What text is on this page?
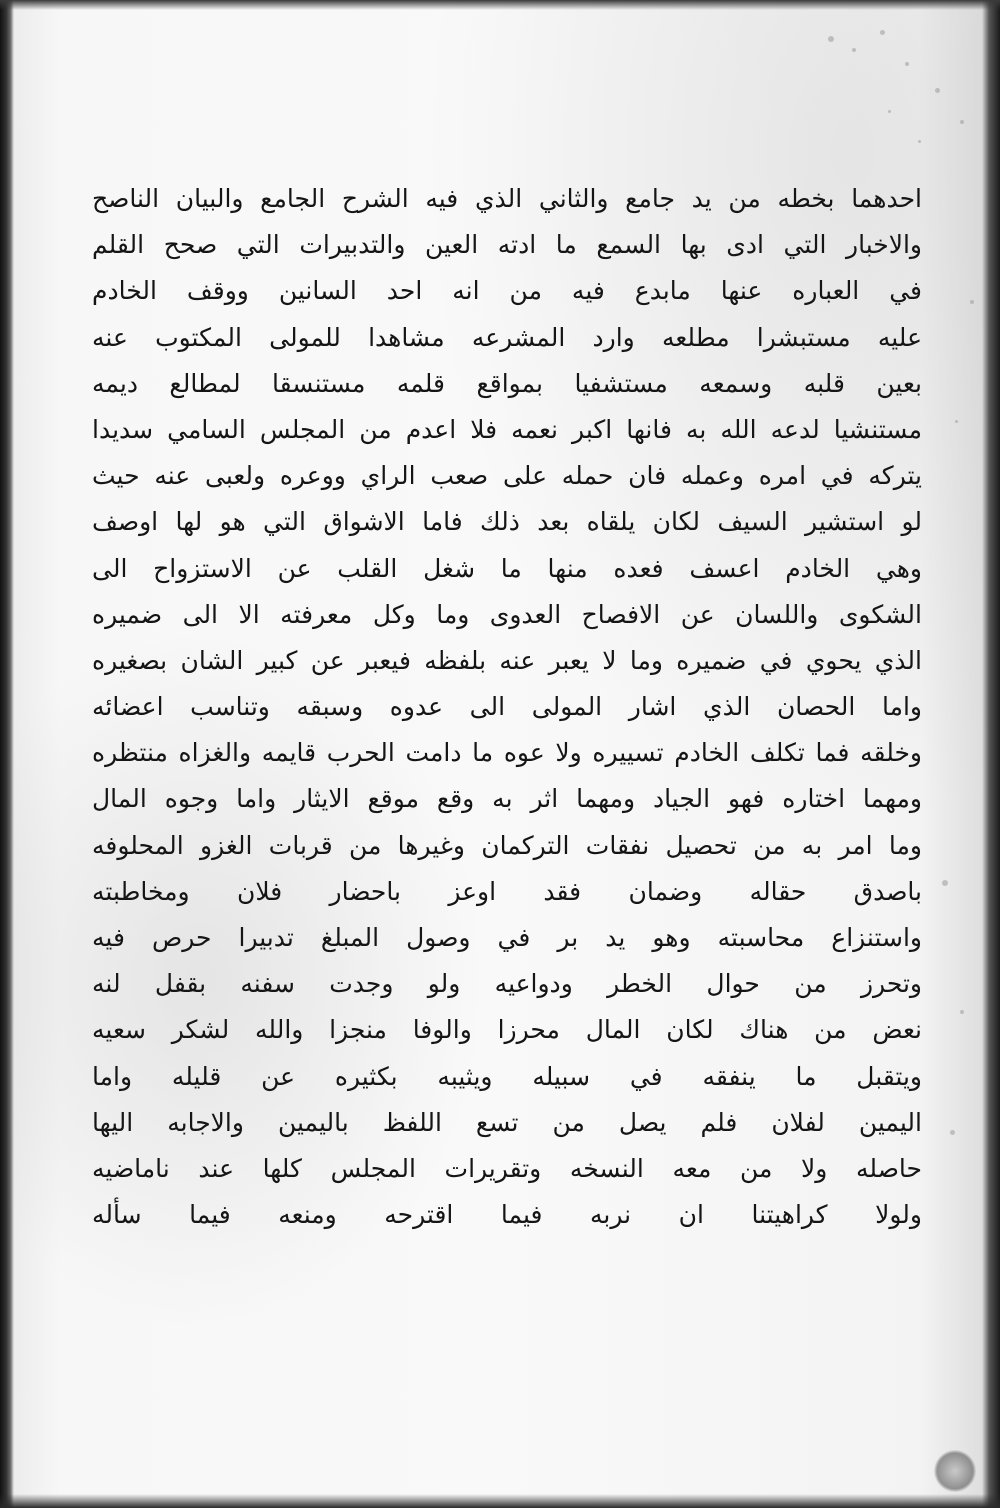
احدهما بخطه من يد جامع والثاني الذي فيه الشرح الجامع والبيان الناصح
والاخبار التي ادى بها السمع ما ادته العين والتدبيرات التي صحح القلم
في العباره عنها مابدع فيه من انه احد السانين ووقف الخادم
عليه مستبشرا مطلعه وارد المشرعه مشاهدا للمولى المكتوب عنه
بعين قلبه وسمعه مستشفيا بمواقع قلمه مستنسقا لمطالع ديمه
مستنشيا لدعه الله به فانها اكبر نعمه فلا اعدم من المجلس السامي سديدا
يتركه في امره وعمله فان حمله على صعب الراي ووعره ولعبى عنه حيث
لو استشير السيف لكان يلقاه بعد ذلك فاما الاشواق التي هو لها اوصف
وهي الخادم اعسف فعده منها ما شغل القلب عن الاستزواح الى
الشكوى واللسان عن الافصاح العدوى وما وكل معرفته الا الى ضميره
الذي يحوي في ضميره وما لا يعبر عنه بلفظه فيعبر عن كبير الشان بصغيره
واما الحصان الذي اشار المولى الى عدوه وسبقه وتناسب اعضائه
وخلقه فما تكلف الخادم تسييره ولا عوه ما دامت الحرب قايمه والغزاه منتظره
ومهما اختاره فهو الجياد ومهما اثر به وقع موقع الايثار واما وجوه المال
وما امر به من تحصيل نفقات التركمان وغيرها من قربات الغزو المحلوفه
باصدق حقاله وضمان فقد اوعز باحضار فلان ومخاطبته
واستنزاع محاسبته وهو يد بر في وصول المبلغ تدبيرا حرص فيه
وتحرز من حوال الخطر ودواعيه ولو وجدت سفنه بقفل لنه
نعض من هناك لكان المال محرزا والوفا منجزا والله لشكر سعيه
ويتقبل ما ينفقه في سبيله ويثيبه بكثيره عن قليله واما
اليمين لفلان فلم يصل من تسع اللفظ باليمين والاجابه اليها
حاصله ولا من معه النسخه وتقريرات المجلس كلها عند ناماضيه
ولولا كراهيتنا ان نربه فيما اقترحه ومنعه فيما سأله
